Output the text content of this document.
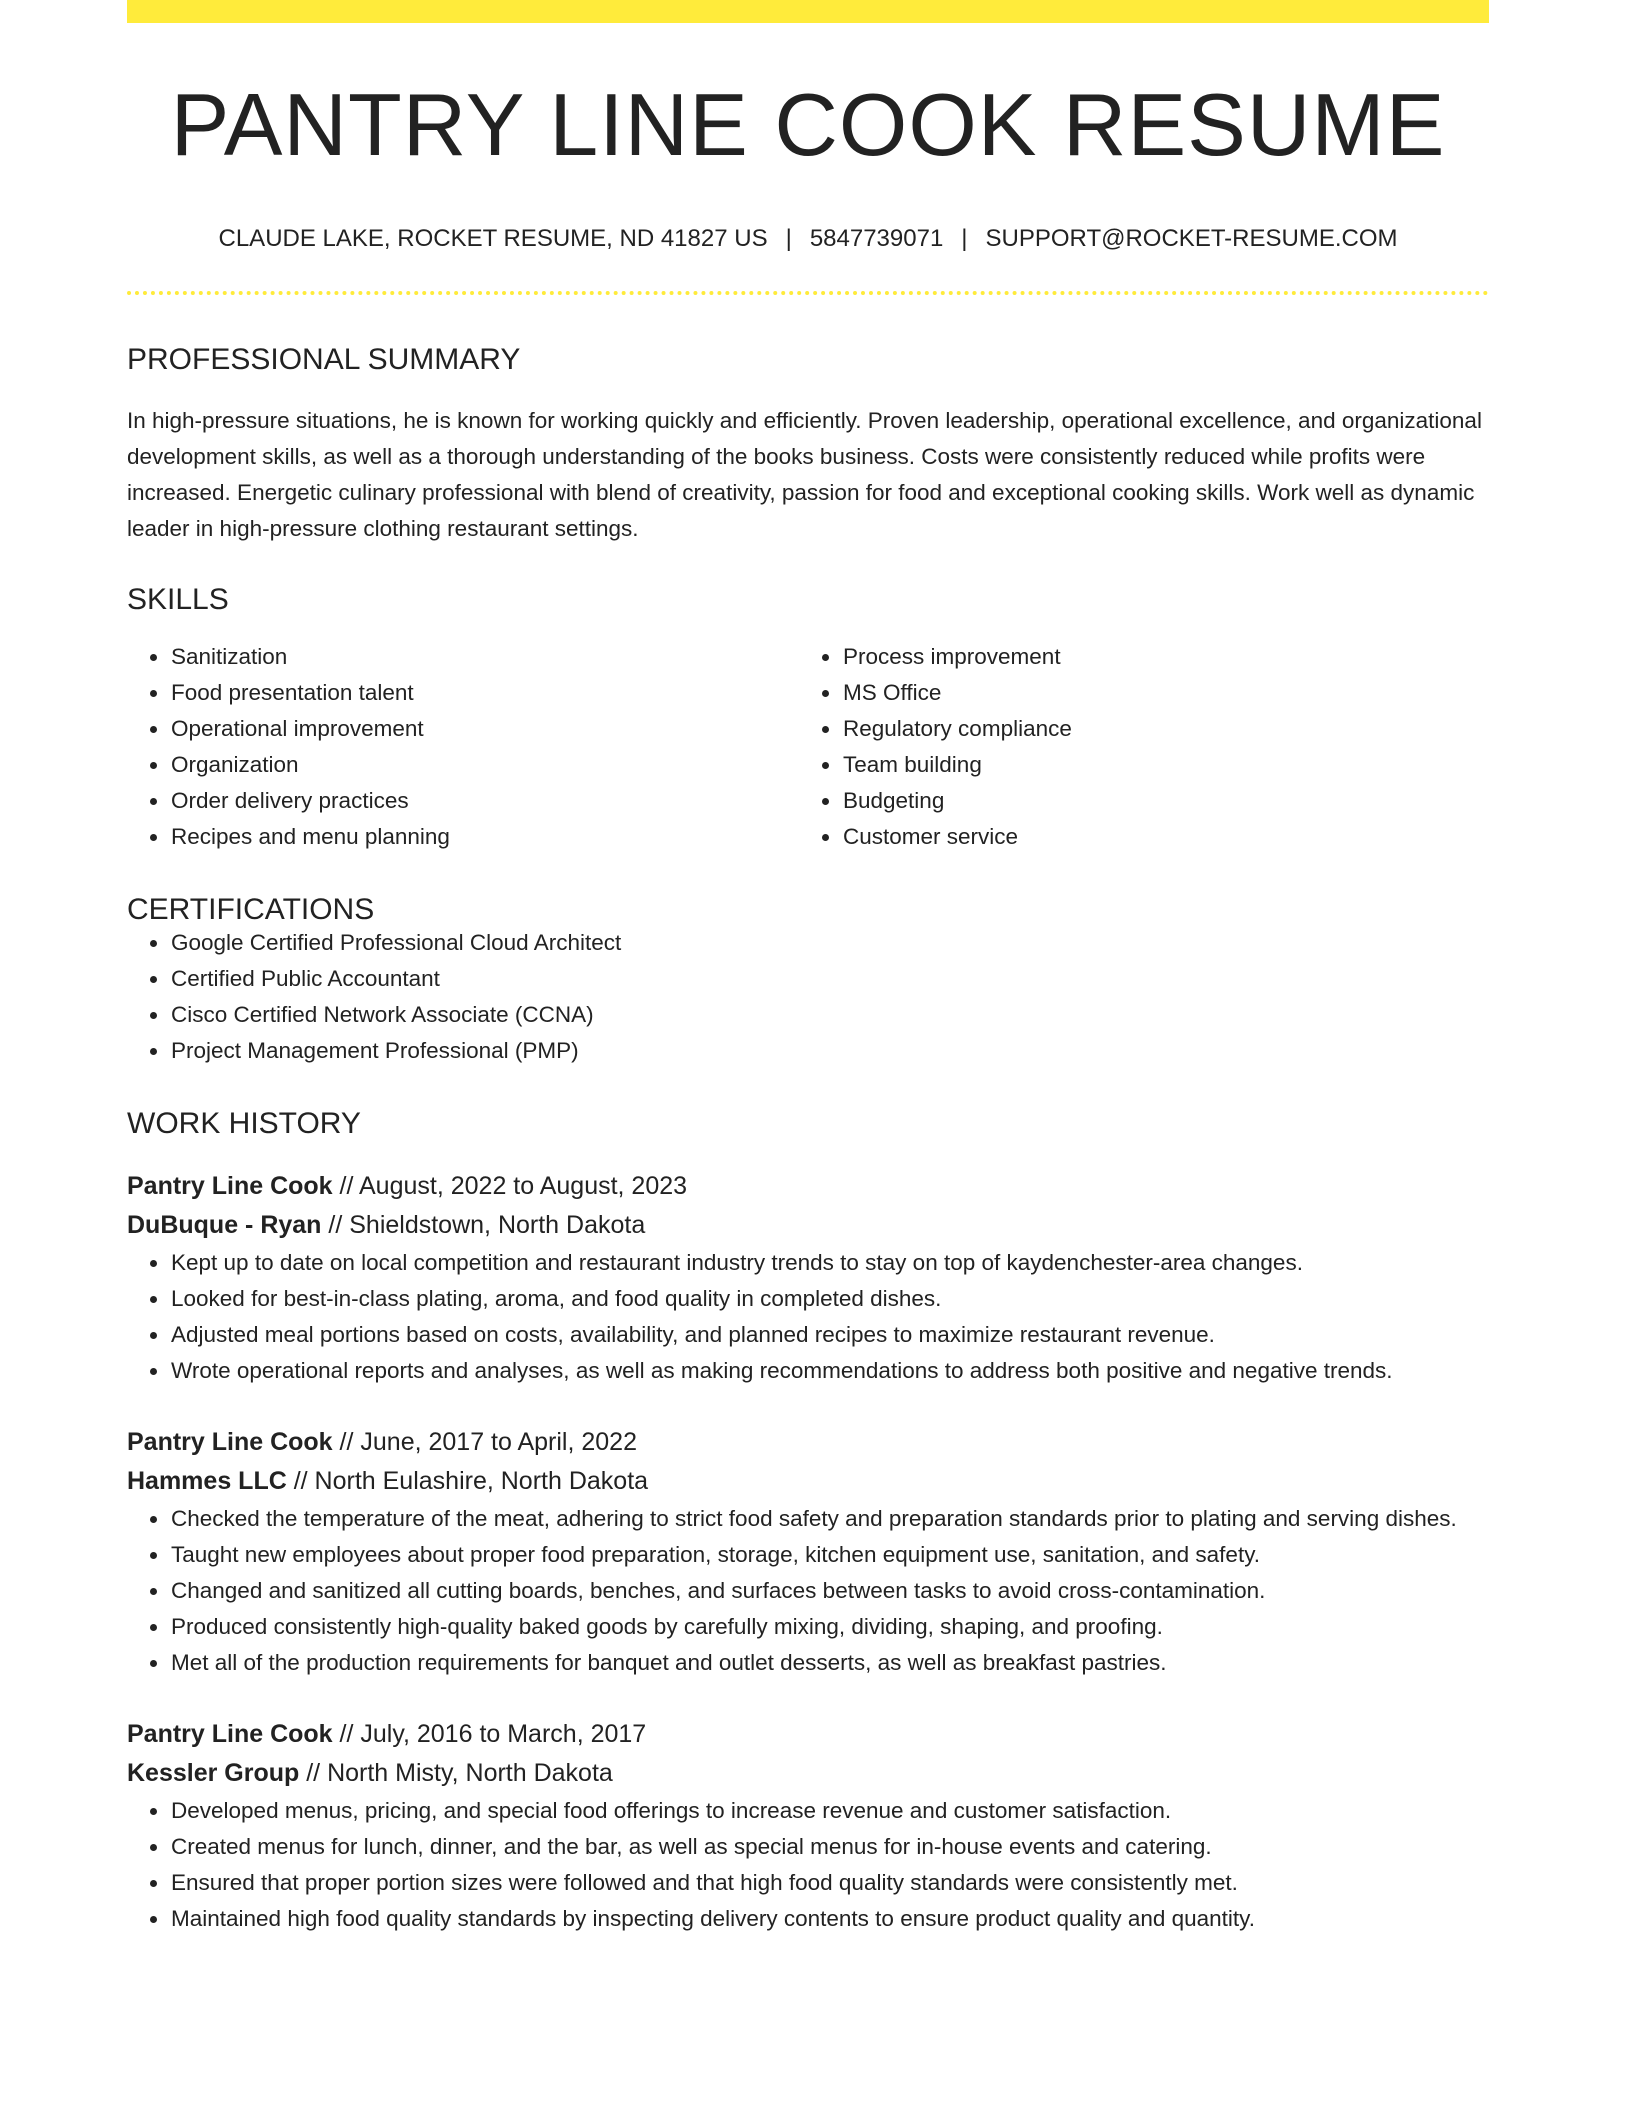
PANTRY LINE COOK RESUME
CLAUDE LAKE, ROCKET RESUME, ND 41827 US | 5847739071 | SUPPORT@ROCKET-RESUME.COM
PROFESSIONAL SUMMARY

In high-pressure situations, he is known for working quickly and efficiently. Proven leadership, operational excellence, and organizational development skills, as well as a thorough understanding of the books business. Costs were consistently reduced while profits were increased. Energetic culinary professional with blend of creativity, passion for food and exceptional cooking skills. Work well as dynamic leader in high-pressure clothing restaurant settings.

SKILLS
• Sanitization
• Food presentation talent
• Operational improvement
• Organization
• Order delivery practices
• Recipes and menu planning
• Process improvement
• MS Office
• Regulatory compliance
• Team building
• Budgeting
• Customer service
CERTIFICATIONS
• Google Certified Professional Cloud Architect
• Certified Public Accountant
• Cisco Certified Network Associate (CCNA)
• Project Management Professional (PMP)
WORK HISTORY
Pantry Line Cook // August, 2022 to August, 2023
DuBuque - Ryan // Shieldstown, North Dakota
• Kept up to date on local competition and restaurant industry trends to stay on top of kaydenchester-area changes.
• Looked for best-in-class plating, aroma, and food quality in completed dishes.
• Adjusted meal portions based on costs, availability, and planned recipes to maximize restaurant revenue.
• Wrote operational reports and analyses, as well as making recommendations to address both positive and negative trends.
Pantry Line Cook // June, 2017 to April, 2022
Hammes LLC // North Eulashire, North Dakota
• Checked the temperature of the meat, adhering to strict food safety and preparation standards prior to plating and serving dishes.
• Taught new employees about proper food preparation, storage, kitchen equipment use, sanitation, and safety.
• Changed and sanitized all cutting boards, benches, and surfaces between tasks to avoid cross-contamination.
• Produced consistently high-quality baked goods by carefully mixing, dividing, shaping, and proofing.
• Met all of the production requirements for banquet and outlet desserts, as well as breakfast pastries.
Pantry Line Cook // July, 2016 to March, 2017
Kessler Group // North Misty, North Dakota
• Developed menus, pricing, and special food offerings to increase revenue and customer satisfaction.
• Created menus for lunch, dinner, and the bar, as well as special menus for in-house events and catering.
• Ensured that proper portion sizes were followed and that high food quality standards were consistently met.
• Maintained high food quality standards by inspecting delivery contents to ensure product quality and quantity.
